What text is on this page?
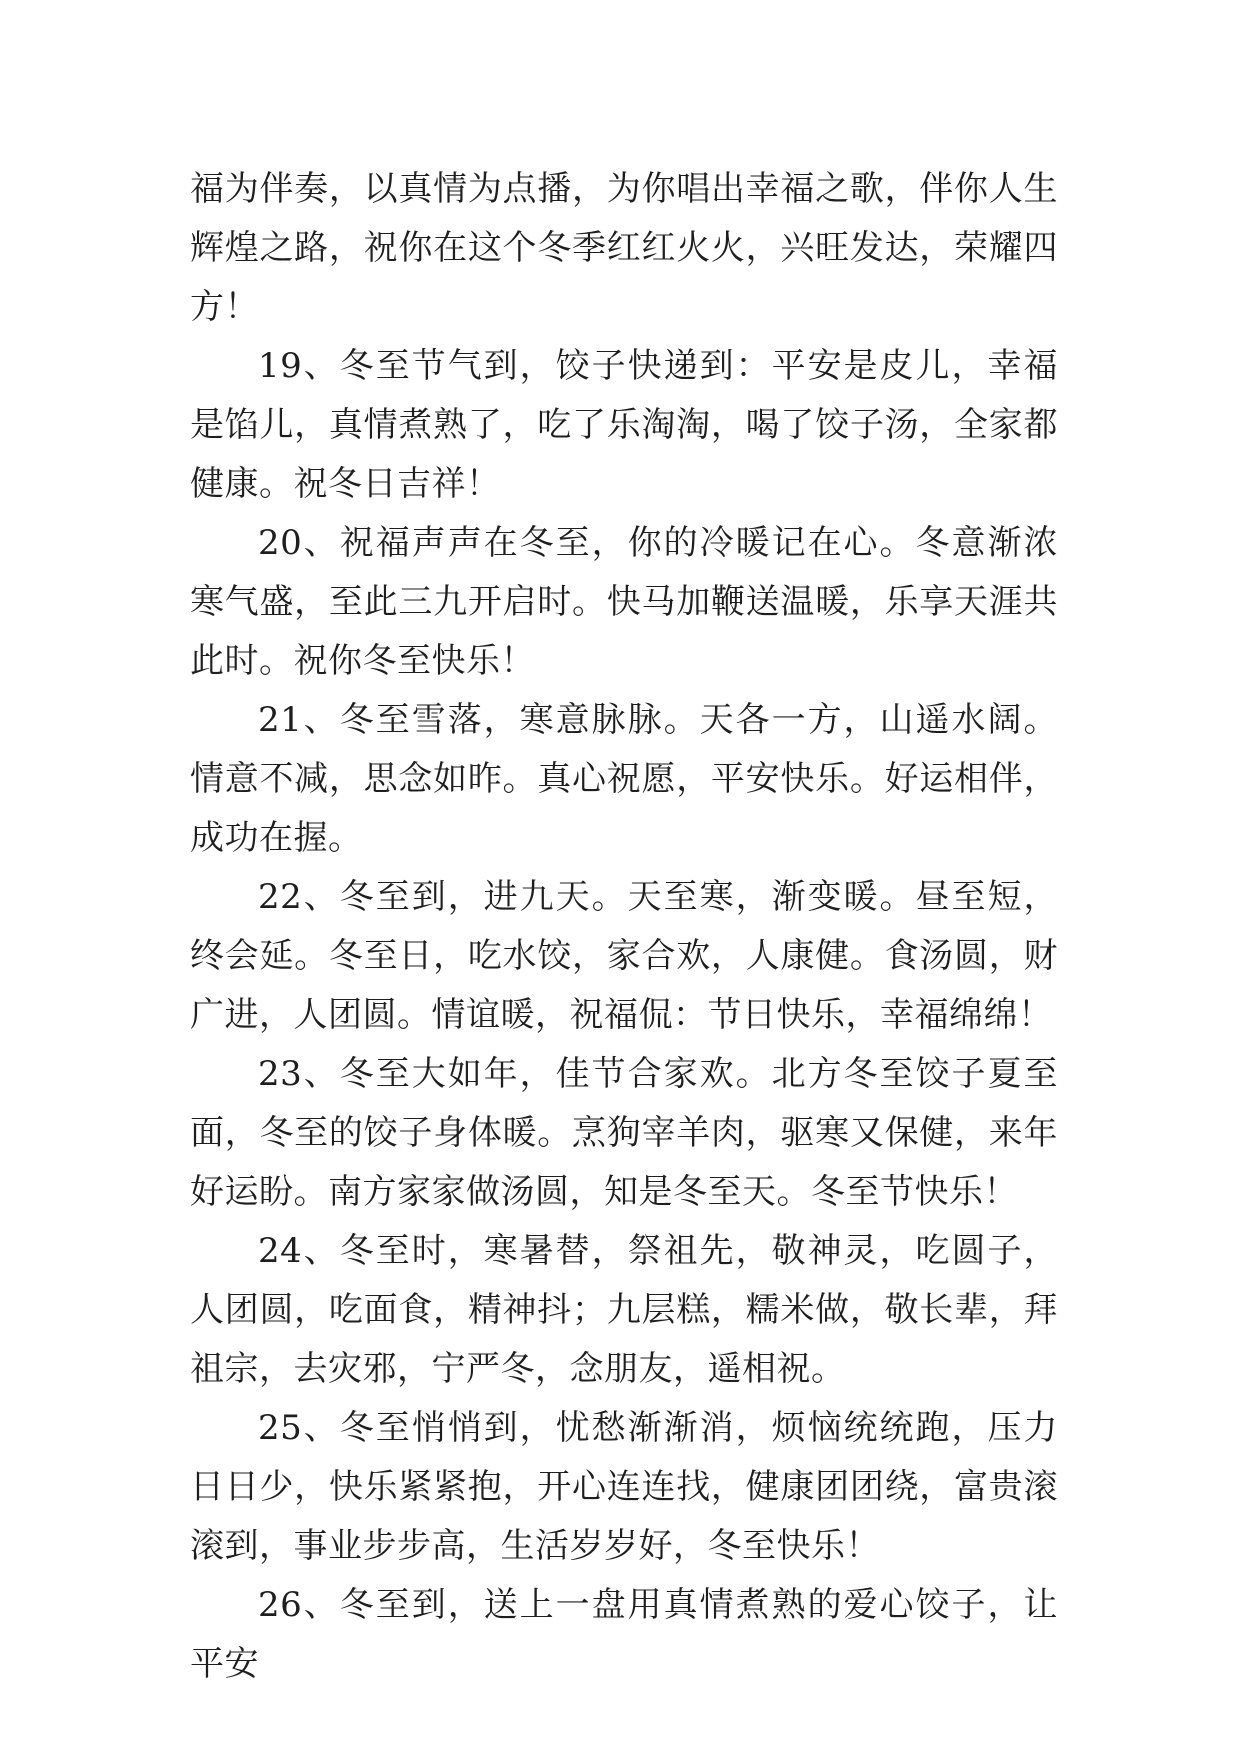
福为伴奏，以真情为点播，为你唱出幸福之歌，伴你人生辉煌之路，祝你在这个冬季红红火火，兴旺发达，荣耀四方！

19、冬至节气到，饺子快递到：平安是皮儿，幸福是馅儿，真情煮熟了，吃了乐淘淘，喝了饺子汤，全家都健康。祝冬日吉祥！

20、祝福声声在冬至，你的冷暖记在心。冬意渐浓寒气盛，至此三九开启时。快马加鞭送温暖，乐享天涯共此时。祝你冬至快乐！

21、冬至雪落，寒意脉脉。天各一方，山遥水阔。情意不减，思念如昨。真心祝愿，平安快乐。好运相伴，成功在握。

22、冬至到，进九天。天至寒，渐变暖。昼至短，终会延。冬至日，吃水饺，家合欢，人康健。食汤圆，财广进，人团圆。情谊暖，祝福侃：节日快乐，幸福绵绵！

23、冬至大如年，佳节合家欢。北方冬至饺子夏至面，冬至的饺子身体暖。烹狗宰羊肉，驱寒又保健，来年好运盼。南方家家做汤圆，知是冬至天。冬至节快乐！

24、冬至时，寒暑替，祭祖先，敬神灵，吃圆子，人团圆，吃面食，精神抖；九层糕，糯米做，敬长辈，拜祖宗，去灾邪，宁严冬，念朋友，遥相祝。

25、冬至悄悄到，忧愁渐渐消，烦恼统统跑，压力日日少，快乐紧紧抱，开心连连找，健康团团绕，富贵滚滚到，事业步步高，生活岁岁好，冬至快乐！

26、冬至到，送上一盘用真情煮熟的爱心饺子，让平安
